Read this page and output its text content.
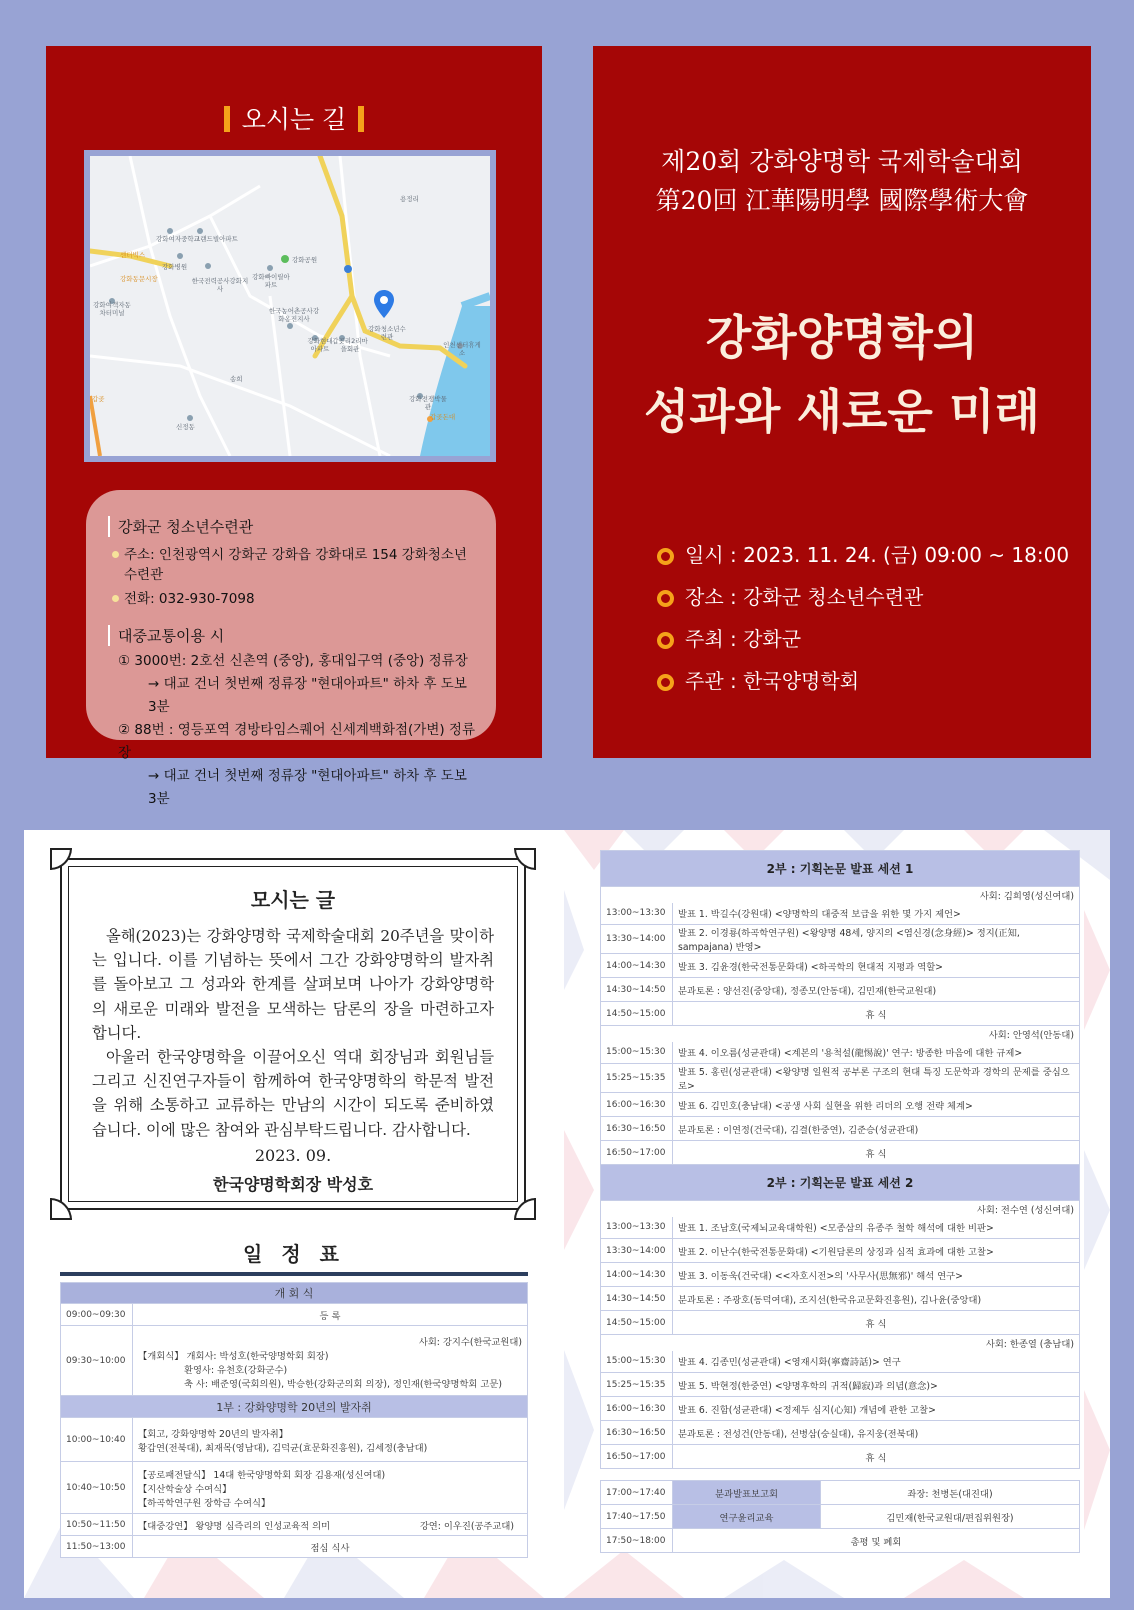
오시는 길
강화여자중학교
그랜드빌아파트
센터빅스
강화병원
강화동문시장	한국전력공사강화지사
강화여객자동차터미널
강화빠이릴아파트
강화공원
한국농어촌공사강화옹진지사
강화청소년수련관
갑곶리2리마을회관
강화현대아파트
갑곶돈대
갑곶
인천센터휴게소
강화전쟁박물관
신정동
송희
용정리
강화군 청소년수련관
주소: 인천광역시 강화군 강화읍 강화대로 154 강화청소년수련관
전화: 032-930-7098
대중교통이용 시
① 3000번: 2호선 신촌역 (중앙), 홍대입구역 (중앙) 정류장
→ 대교 건너 첫번째 정류장 "현대아파트" 하차 후 도보 3분
② 88번 : 영등포역 경방타임스퀘어 신세계백화점(가변) 정류장
→ 대교 건너 첫번째 정류장 "현대아파트" 하차 후 도보 3분
제20회 강화양명학 국제학술대회
第20回 江華陽明學 國際學術大會
강화양명학의
성과와 새로운 미래
일시 : 2023. 11. 24. (금) 09:00 ~ 18:00
장소 : 강화군 청소년수련관
주최 : 강화군
주관 : 한국양명학회
모시는 글

올해(2023)는 강화양명학 국제학술대회 20주년을 맞이하는 입니다. 이를 기념하는 뜻에서 그간 강화양명학의 발자취를 돌아보고 그 성과와 한계를 살펴보며 나아가 강화양명학의 새로운 미래와 발전을 모색하는 담론의 장을 마련하고자 합니다.

아울러 한국양명학을 이끌어오신 역대 회장님과 회원님들 그리고 신진연구자들이 함께하여 한국양명학의 학문적 발전을 위해 소통하고 교류하는 만남의 시간이 되도록 준비하였습니다. 이에 많은 참여와 관심부탁드립니다. 감사합니다.

2023. 09.
한국양명학회장 박성호
일 정 표
개 회 식	
09:00~09:30	등 록
09:30~10:00	사회: 강지수(한국교원대)
【개회식】 개회사: 박성호(한국양명학회 회장)
환영사: 유천호(강화군수)
축 사: 배준영(국회의원), 박승한(강화군의회 의장), 정인재(한국양명학회 고문)

1부 : 강화양명학 20년의 발자취	
10:00~10:40	【회고, 강화양명학 20년의 발자취】
황갑연(전북대), 최재목(영남대), 김덕균(효문화진흥원), 김세정(충남대)

10:40~10:50	【공로패전달식】 14대 한국양명학회 회장 김용재(성신여대)
【지산학술상 수여식】
【하곡학연구원 장학금 수여식】

10:50~11:50	【대중강연】 왕양명 심즉리의 인성교육적 의미 강연: 이우진(공주교대)

11:50~13:00	점심 식사
2부 : 기획논문 발표 세션 1	
사회: 김희영(성신여대)	
13:00~13:30	발표 1. 박길수(강원대) <양명학의 대중적 보급을 위한 몇 가지 제언>
13:30~14:00	발표 2. 이경룡(하곡학연구원) <왕양명 48세, 양지의 <염신경(念身經)> 정지(正知, sampajana) 반영>
14:00~14:30	발표 3. 김윤경(한국전통문화대) <하곡학의 현대적 지평과 역할>
14:30~14:50	분과토론 : 양선진(중앙대), 정종모(안동대), 김민재(한국교원대)
14:50~15:00	휴 식
사회: 안영석(안동대)	
15:00~15:30	발표 4. 이오름(성균관대) <계본의 '용척설(龍惕說)' 연구: 방종한 마음에 대한 규제>
15:25~15:35	발표 5. 홍린(성균관대) <왕양명 일원적 공부론 구조의 현대 특징 도문학과 경학의 문제를 중심으로>
16:00~16:30	발표 6. 김민호(충남대) <공생 사회 실현을 위한 리더의 오행 전략 체계>
16:30~16:50	분과토론 : 이연정(건국대), 김결(한중연), 김준승(성균관대)
16:50~17:00	휴 식
2부 : 기획논문 발표 세션 2	
사회: 전수연 (성신여대)	
13:00~13:30	발표 1. 조남호(국제뇌교육대학원) <모종삼의 유종주 철학 해석에 대한 비판>
13:30~14:00	발표 2. 이난수(한국전통문화대) <기원담론의 상징과 심적 효과에 대한 고찰>
14:00~14:30	발표 3. 이동욱(건국대) <<자호시전>의 '사무사(思無邪)' 해석 연구>
14:30~14:50	분과토론 : 주광호(동덕여대), 조지선(한국유교문화진흥원), 김나윤(중앙대)
14:50~15:00	휴 식
사회: 한종열 (충남대)	
15:00~15:30	발표 4. 김종민(성균관대) <영재시화(寧齋詩話)> 연구
15:25~15:35	발표 5. 박현정(한중연) <양명후학의 귀적(歸寂)과 의념(意念)>
16:00~16:30	발표 6. 진함(성균관대) <정제두 심지(心知) 개념에 관한 고찰>
16:30~16:50	분과토론 : 전성건(안동대), 선병삼(숭실대), 유지웅(전북대)
16:50~17:00	휴 식
17:00~17:40	분과발표보고회	좌장: 천병돈(대진대)
17:40~17:50	연구윤리교육	김민재(한국교원대/편집위원장)
17:50~18:00	총평 및 폐회	
